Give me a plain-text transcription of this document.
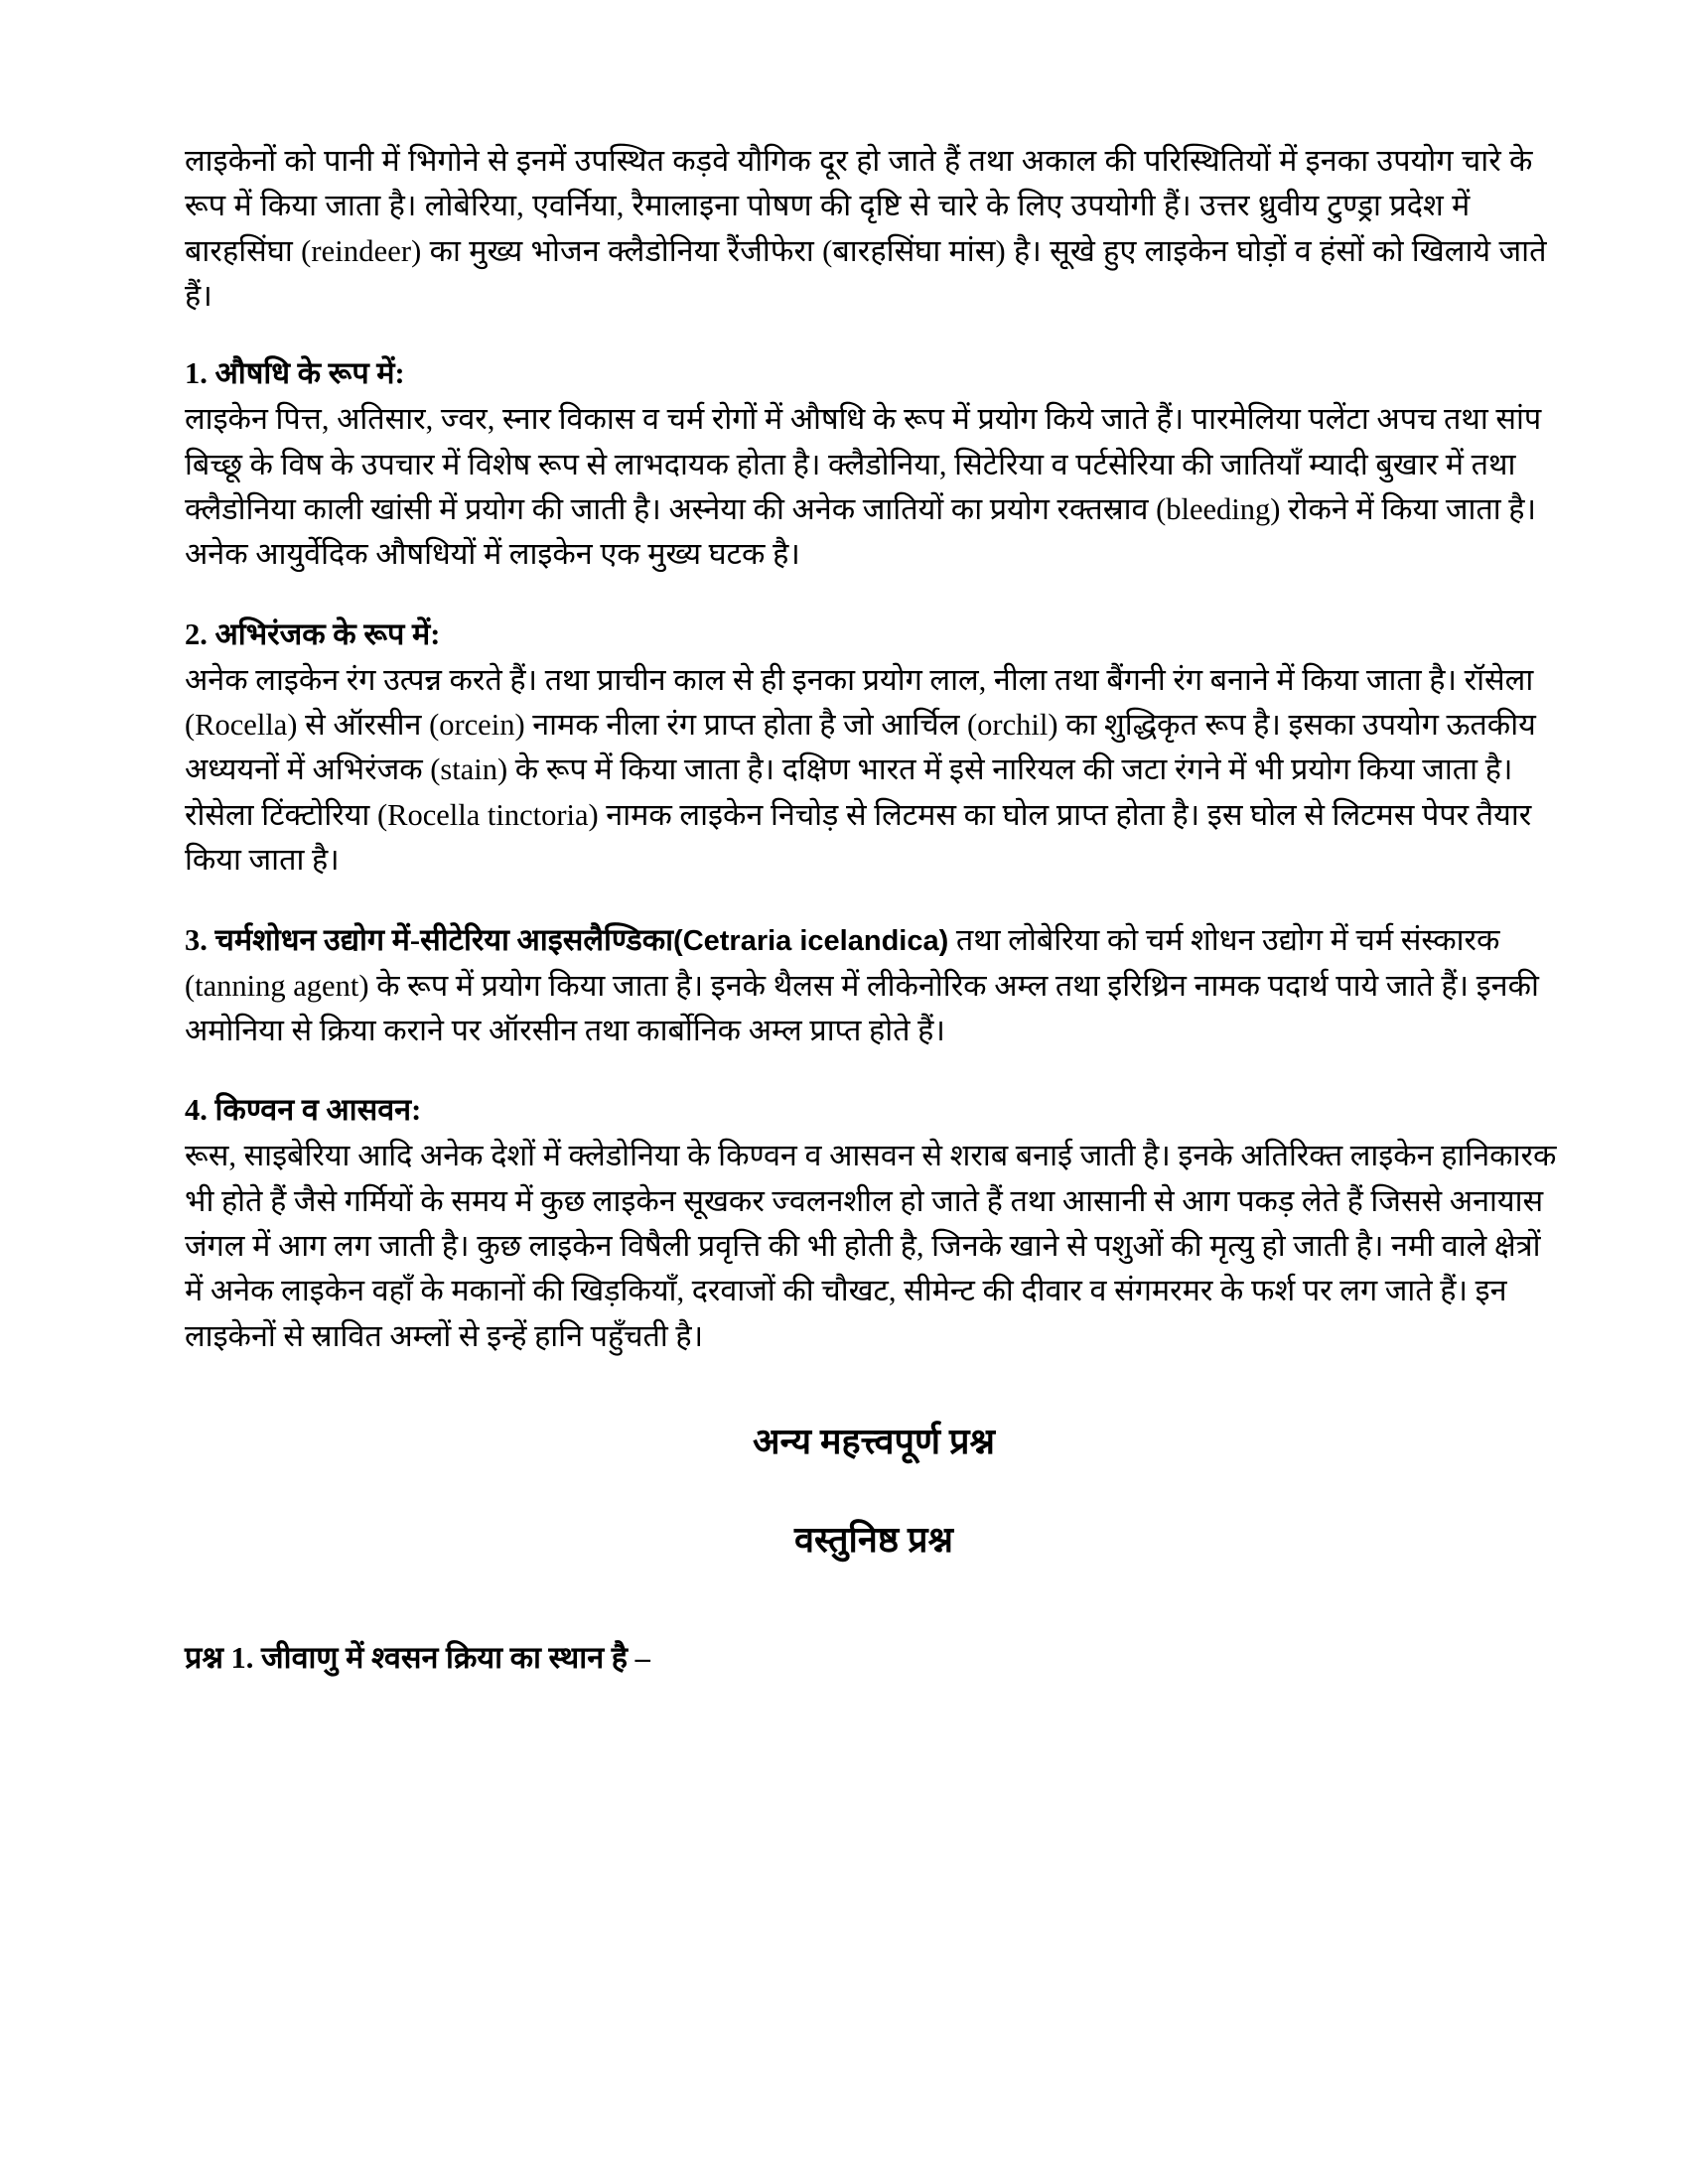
लाइकेनों को पानी में भिगोने से इनमें उपस्थित कड़वे यौगिक दूर हो जाते हैं तथा अकाल की परिस्थितियों में इनका उपयोग चारे के रूप में किया जाता है। लोबेरिया, एवर्निया, रैमालाइना पोषण की दृष्टि से चारे के लिए उपयोगी हैं। उत्तर ध्रुवीय टुण्ड्रा प्रदेश में बारहसिंघा (reindeer) का मुख्य भोजन क्लैडोनिया रैंजीफेरा (बारहसिंघा मांस) है। सूखे हुए लाइकेन घोड़ों व हंसों को खिलाये जाते हैं।

1. औषधि के रूप में:

लाइकेन पित्त, अतिसार, ज्वर, स्नार विकास व चर्म रोगों में औषधि के रूप में प्रयोग किये जाते हैं। पारमेलिया पलेंटा अपच तथा सांप बिच्छू के विष के उपचार में विशेष रूप से लाभदायक होता है। क्लैडोनिया, सिटेरिया व पर्टसेरिया की जातियाँ म्यादी बुखार में तथा क्लैडोनिया काली खांसी में प्रयोग की जाती है। अस्नेया की अनेक जातियों का प्रयोग रक्तस्राव (bleeding) रोकने में किया जाता है। अनेक आयुर्वेदिक औषधियों में लाइकेन एक मुख्य घटक है।

2. अभिरंजक के रूप में:

अनेक लाइकेन रंग उत्पन्न करते हैं। तथा प्राचीन काल से ही इनका प्रयोग लाल, नीला तथा बैंगनी रंग बनाने में किया जाता है। रॉसेला (Rocella) से ऑरसीन (orcein) नामक नीला रंग प्राप्त होता है जो आर्चिल (orchil) का शुद्धिकृत रूप है। इसका उपयोग ऊतकीय अध्ययनों में अभिरंजक (stain) के रूप में किया जाता है। दक्षिण भारत में इसे नारियल की जटा रंगने में भी प्रयोग किया जाता है। रोसेला टिंक्टोरिया (Rocella tinctoria) नामक लाइकेन निचोड़ से लिटमस का घोल प्राप्त होता है। इस घोल से लिटमस पेपर तैयार किया जाता है।

3. चर्मशोधन उद्योग में-सीटेरिया आइसलैण्डिका(Cetraria icelandica) तथा लोबेरिया को चर्म शोधन उद्योग में चर्म संस्कारक (tanning agent) के रूप में प्रयोग किया जाता है। इनके थैलस में लीकेनोरिक अम्ल तथा इरिथ्रिन नामक पदार्थ पाये जाते हैं। इनकी अमोनिया से क्रिया कराने पर ऑरसीन तथा कार्बोनिक अम्ल प्राप्त होते हैं।

4. किण्वन व आसवन:

रूस, साइबेरिया आदि अनेक देशों में क्लेडोनिया के किण्वन व आसवन से शराब बनाई जाती है। इनके अतिरिक्त लाइकेन हानिकारक भी होते हैं जैसे गर्मियों के समय में कुछ लाइकेन सूखकर ज्वलनशील हो जाते हैं तथा आसानी से आग पकड़ लेते हैं जिससे अनायास जंगल में आग लग जाती है। कुछ लाइकेन विषैली प्रवृत्ति की भी होती है, जिनके खाने से पशुओं की मृत्यु हो जाती है। नमी वाले क्षेत्रों में अनेक लाइकेन वहाँ के मकानों की खिड़कियाँ, दरवाजों की चौखट, सीमेन्ट की दीवार व संगमरमर के फर्श पर लग जाते हैं। इन लाइकेनों से स्रावित अम्लों से इन्हें हानि पहुँचती है।

अन्य महत्त्वपूर्ण प्रश्न
वस्तुनिष्ठ प्रश्न
प्रश्न 1. जीवाणु में श्वसन क्रिया का स्थान है –
